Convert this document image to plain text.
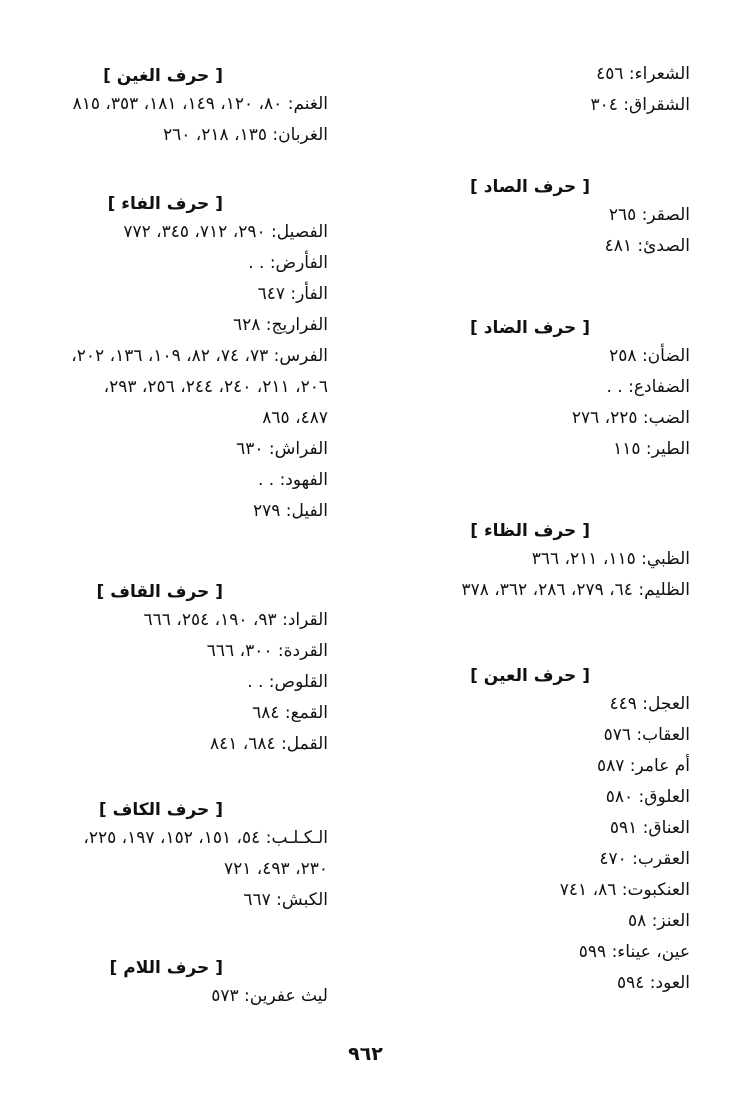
الشعراء: ٤٥٦
الشقراق: ٣٠٤
[ حرف الصاد ]
الصقر: ٢٦٥
الصدئ: ٤٨١
[ حرف الضاد ]
الضأن: ٢٥٨
الضفادع: . .
الضب: ٢٢٥، ٢٧٦
الطير: ١١٥
[ حرف الظاء ]
الظبي: ١١٥، ٢١١، ٣٦٦
الظليم: ٦٤، ٢٧٩، ٢٨٦، ٣٦٢، ٣٧٨
[ حرف العين ]
العجل: ٤٤٩
العقاب: ٥٧٦
أم عامر: ٥٨٧
العلوق: ٥٨٠
العناق: ٥٩١
العقرب: ٤٧٠
العنكبوت: ٨٦، ٧٤١
العنز: ٥٨
عين، عيناء: ٥٩٩
العود: ٥٩٤
[ حرف الغين ]
الغنم: ٨٠، ١٢٠، ١٤٩، ١٨١، ٣٥٣، ٨١٥
الغربان: ١٣٥، ٢١٨، ٢٦٠
[ حرف الفاء ]
الفصيل: ٢٩٠، ٧١٢، ٣٤٥، ٧٧٢
الفأرض: . .
الفأر: ٦٤٧
الفراريج: ٦٢٨
الفرس: ٧٣، ٧٤، ٨٢، ١٠٩، ١٣٦، ٢٠٢،
٢٠٦، ٢١١، ٢٤٠، ٢٤٤، ٢٥٦، ٢٩٣،
٤٨٧، ٨٦٥
الفراش: ٦٣٠
الفهود: . .
الفيل: ٢٧٩
[ حرف القاف ]
القراد: ٩٣، ١٩٠، ٢٥٤، ٦٦٦
القردة: ٣٠٠، ٦٦٦
القلوص: . .
القمع: ٦٨٤
القمل: ٦٨٤، ٨٤١
[ حرف الكاف ]
الـكـلـب: ٥٤، ١٥١، ١٥٢، ١٩٧، ٢٢٥،
٢٣٠، ٤٩٣، ٧٢١
الكبش: ٦٦٧
[ حرف اللام ]
ليث عفرين: ٥٧٣
٩٦٢
